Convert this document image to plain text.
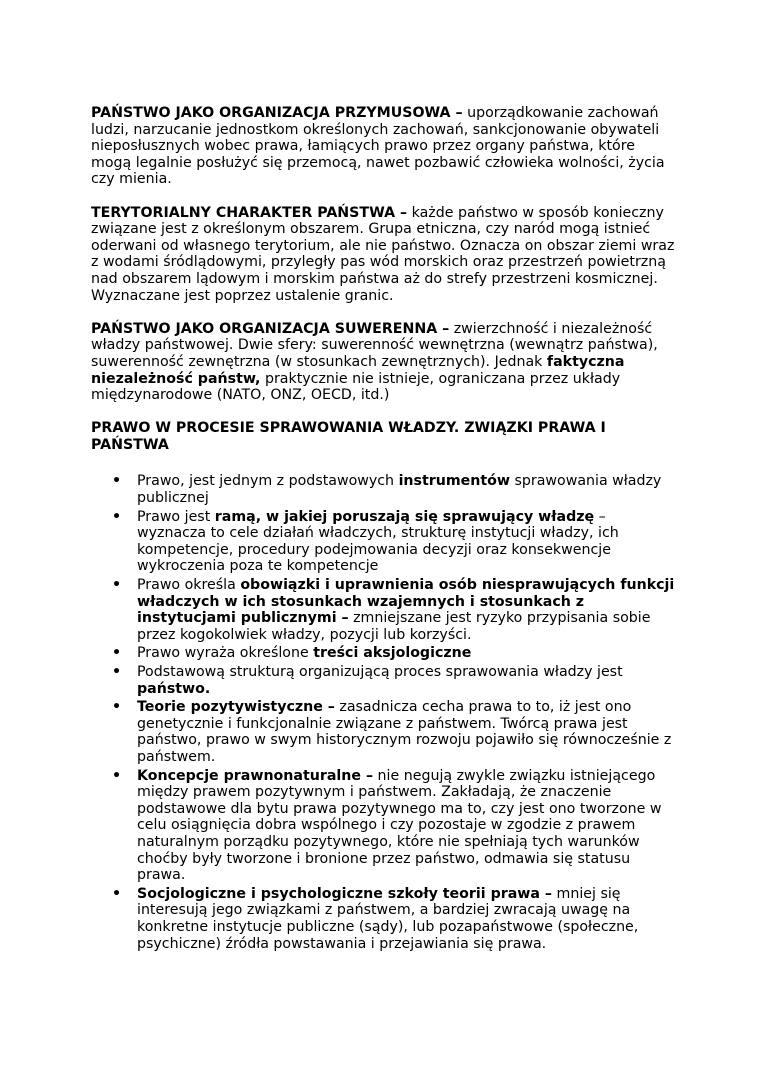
PAŃSTWO JAKO ORGANIZACJA PRZYMUSOWA – uporządkowanie zachowań
ludzi, narzucanie jednostkom określonych zachowań, sankcjonowanie obywateli
nieposłusznych wobec prawa, łamiących prawo przez organy państwa, które
mogą legalnie posłużyć się przemocą, nawet pozbawić człowieka wolności, życia
czy mienia.

TERYTORIALNY CHARAKTER PAŃSTWA – każde państwo w sposób konieczny
związane jest z określonym obszarem. Grupa etniczna, czy naród mogą istnieć
oderwani od własnego terytorium, ale nie państwo. Oznacza on obszar ziemi wraz
z wodami śródlądowymi, przyległy pas wód morskich oraz przestrzeń powietrzną
nad obszarem lądowym i morskim państwa aż do strefy przestrzeni kosmicznej.
Wyznaczane jest poprzez ustalenie granic.

PAŃSTWO JAKO ORGANIZACJA SUWERENNA – zwierzchność i niezależność
władzy państwowej. Dwie sfery: suwerenność wewnętrzna (wewnątrz państwa),
suwerenność zewnętrzna (w stosunkach zewnętrznych). Jednak faktyczna
niezależność państw, praktycznie nie istnieje, ograniczana przez układy
międzynarodowe (NATO, ONZ, OECD, itd.)

PRAWO W PROCESIE SPRAWOWANIA WŁADZY. ZWIĄZKI PRAWA I
PAŃSTWA
• Prawo, jest jednym z podstawowych instrumentów sprawowania władzy
publicznej
• Prawo jest ramą, w jakiej poruszają się sprawujący władzę –
wyznacza to cele działań władczych, strukturę instytucji władzy, ich
kompetencje, procedury podejmowania decyzji oraz konsekwencje
wykroczenia poza te kompetencje
• Prawo określa obowiązki i uprawnienia osób niesprawujących funkcji
władczych w ich stosunkach wzajemnych i stosunkach z
instytucjami publicznymi – zmniejszane jest ryzyko przypisania sobie
przez kogokolwiek władzy, pozycji lub korzyści.
• Prawo wyraża określone treści aksjologiczne
• Podstawową strukturą organizującą proces sprawowania władzy jest
państwo.
• Teorie pozytywistyczne – zasadnicza cecha prawa to to, iż jest ono
genetycznie i funkcjonalnie związane z państwem. Twórcą prawa jest
państwo, prawo w swym historycznym rozwoju pojawiło się równocześnie z
państwem.
• Koncepcje prawnonaturalne – nie negują zwykle związku istniejącego
między prawem pozytywnym i państwem. Zakładają, że znaczenie
podstawowe dla bytu prawa pozytywnego ma to, czy jest ono tworzone w
celu osiągnięcia dobra wspólnego i czy pozostaje w zgodzie z prawem
naturalnym porządku pozytywnego, które nie spełniają tych warunków
choćby były tworzone i bronione przez państwo, odmawia się statusu
prawa.
• Socjologiczne i psychologiczne szkoły teorii prawa – mniej się
interesują jego związkami z państwem, a bardziej zwracają uwagę na
konkretne instytucje publiczne (sądy), lub pozapaństwowe (społeczne,
psychiczne) źródła powstawania i przejawiania się prawa.
